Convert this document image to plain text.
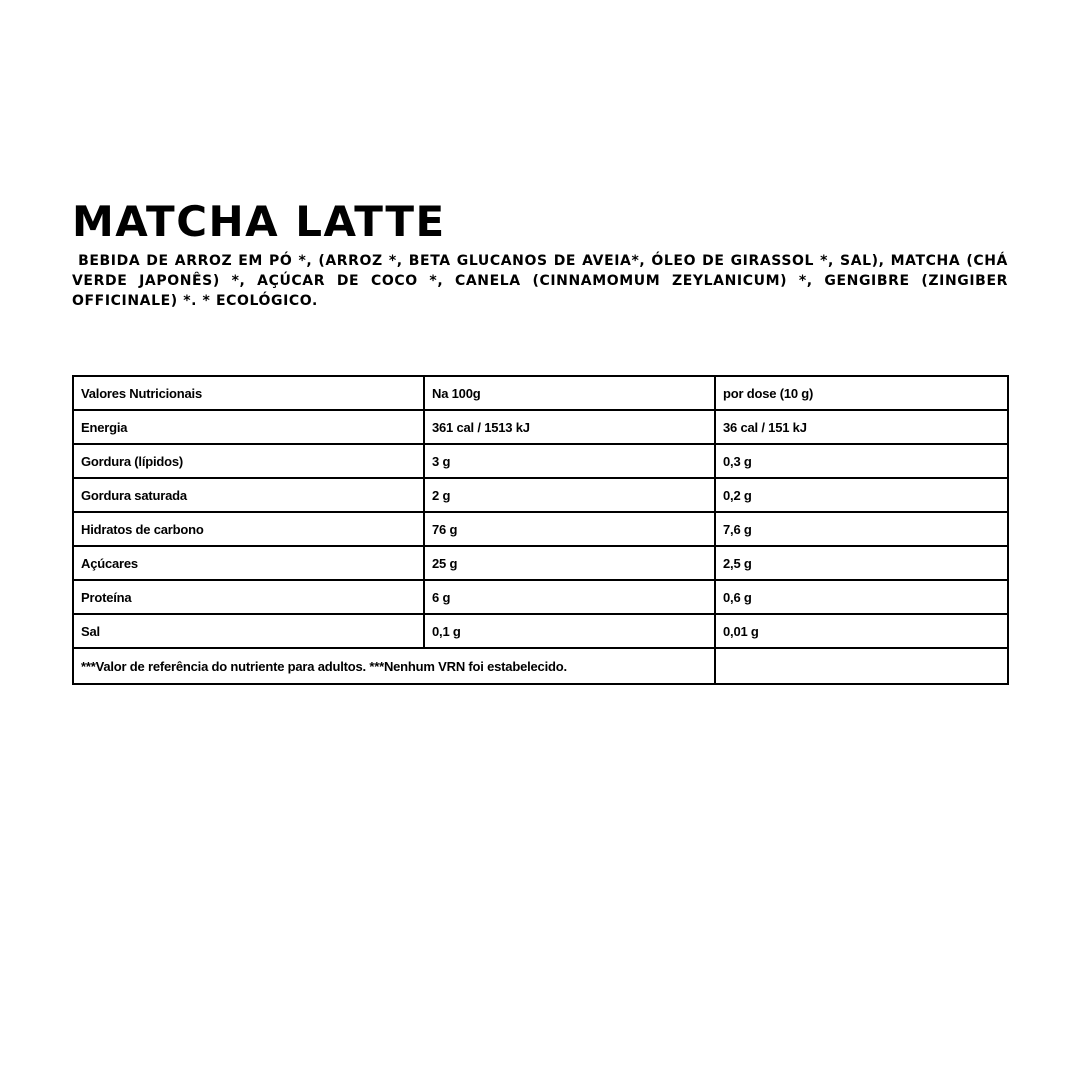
MATCHA LATTE

BEBIDA DE ARROZ EM PÓ *, (ARROZ *, BETA GLUCANOS DE AVEIA*, ÓLEO DE GIRASSOL *, SAL), MATCHA (CHÁ VERDE JAPONÊS) *, AÇÚCAR DE COCO *, CANELA (CINNAMOMUM ZEYLANICUM) *, GENGIBRE (ZINGIBER OFFICINALE) *. * ECOLÓGICO.

Valores Nutricionais	Na 100g	por dose (10 g)
Energia	361 cal / 1513 kJ	36 cal / 151 kJ
Gordura (lípidos)	3 g	0,3 g
Gordura saturada	2 g	0,2 g
Hidratos de carbono	76 g	7,6 g
Açúcares	25 g	2,5 g
Proteína	6 g	0,6 g
Sal	0,1 g	0,01 g
***Valor de referência do nutriente para adultos. ***Nenhum VRN foi estabelecido.		
